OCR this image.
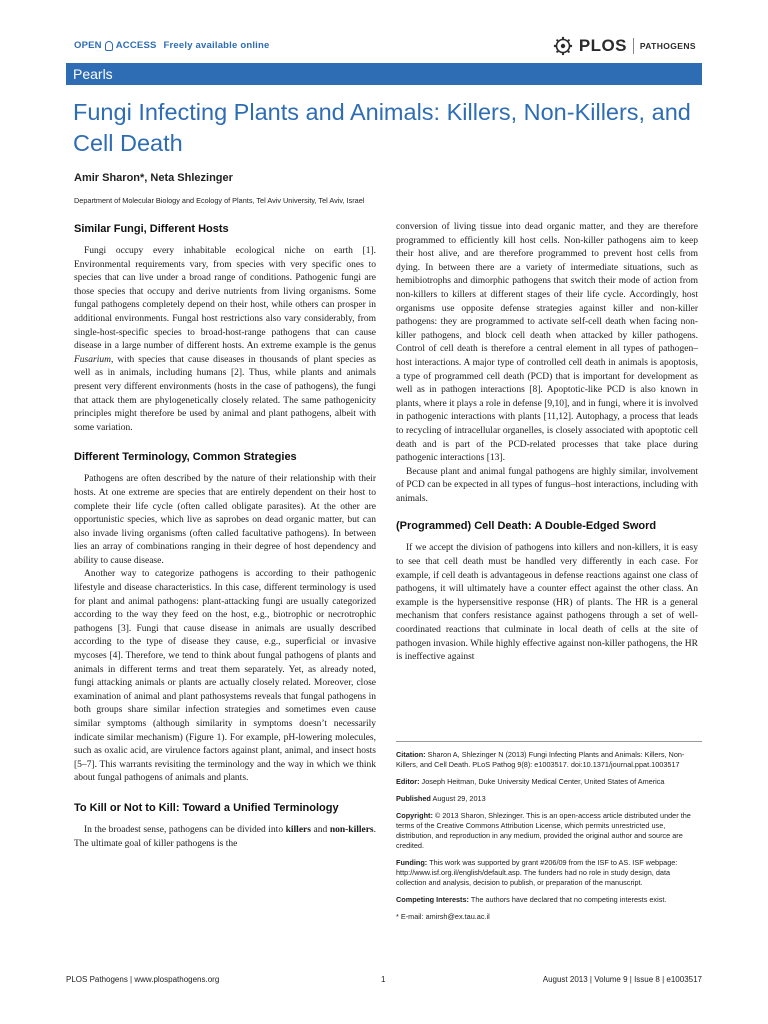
OPEN ACCESS Freely available online	PLOS PATHOGENS
Pearls
Fungi Infecting Plants and Animals: Killers, Non-Killers, and Cell Death
Amir Sharon*, Neta Shlezinger
Department of Molecular Biology and Ecology of Plants, Tel Aviv University, Tel Aviv, Israel
Similar Fungi, Different Hosts

Fungi occupy every inhabitable ecological niche on earth [1]. Environmental requirements vary, from species with very specific ones to species that can live under a broad range of conditions. Pathogenic fungi are those species that occupy and derive nutrients from living organisms. Some fungal pathogens completely depend on their host, while others can prosper in additional environments. Fungal host restrictions also vary considerably, from single-host-specific species to broad-host-range pathogens that can cause disease in a large number of different hosts. An extreme example is the genus Fusarium, with species that cause diseases in thousands of plant species as well as in animals, including humans [2]. Thus, while plants and animals present very different environments (hosts in the case of pathogens), the fungi that attack them are phylogenetically closely related. The same pathogenicity principles might therefore be used by animal and plant pathogens, albeit with some variation.

Different Terminology, Common Strategies

Pathogens are often described by the nature of their relationship with their hosts. At one extreme are species that are entirely dependent on their host to complete their life cycle (often called obligate parasites). At the other are opportunistic species, which live as saprobes on dead organic matter, but can also invade living organisms (often called facultative pathogens). In between lies an array of combinations ranging in their degree of host dependency and ability to cause disease.

Another way to categorize pathogens is according to their pathogenic lifestyle and disease characteristics. In this case, different terminology is used for plant and animal pathogens: plant-attacking fungi are usually categorized according to the way they feed on the host, e.g., biotrophic or necrotrophic pathogens [3]. Fungi that cause disease in animals are usually described according to the type of disease they cause, e.g., superficial or invasive mycoses [4]. Therefore, we tend to think about fungal pathogens of plants and animals in different terms and treat them separately. Yet, as already noted, fungi attacking animals or plants are actually closely related. Moreover, close examination of animal and plant pathosystems reveals that fungal pathogens in both groups share similar infection strategies and sometimes even cause similar symptoms (although similarity in symptoms doesn’t necessarily indicate similar mechanism) (Figure 1). For example, pH-lowering molecules, such as oxalic acid, are virulence factors against plant, animal, and insect hosts [5–7]. This warrants revisiting the terminology and the way in which we think about fungal pathogens of animals and plants.

To Kill or Not to Kill: Toward a Unified Terminology

In the broadest sense, pathogens can be divided into killers and non-killers. The ultimate goal of killer pathogens is the

conversion of living tissue into dead organic matter, and they are therefore programmed to efficiently kill host cells. Non-killer pathogens aim to keep their host alive, and are therefore programmed to prevent host cells from dying. In between there are a variety of intermediate situations, such as hemibiotrophs and dimorphic pathogens that switch their mode of action from non-killers to killers at different stages of their life cycle. Accordingly, host organisms use opposite defense strategies against killer and non-killer pathogens: they are programmed to activate self-cell death when facing non-killer pathogens, and block cell death when attacked by killer pathogens. Control of cell death is therefore a central element in all types of pathogen–host interactions. A major type of controlled cell death in animals is apoptosis, a type of programmed cell death (PCD) that is important for development as well as in pathogen interactions [8]. Apoptotic-like PCD is also known in plants, where it plays a role in defense [9,10], and in fungi, where it is involved in pathogenic interactions with plants [11,12]. Autophagy, a process that leads to recycling of intracellular organelles, is closely associated with apoptotic cell death and is part of the PCD-related processes that take place during pathogenic interactions [13].

Because plant and animal fungal pathogens are highly similar, involvement of PCD can be expected in all types of fungus–host interactions, including with animals.

(Programmed) Cell Death: A Double-Edged Sword

If we accept the division of pathogens into killers and non-killers, it is easy to see that cell death must be handled very differently in each case. For example, if cell death is advantageous in defense reactions against one class of pathogens, it will ultimately have a counter effect against the other class. An example is the hypersensitive response (HR) of plants. The HR is a general mechanism that confers resistance against pathogens through a set of well-coordinated reactions that culminate in local death of cells at the site of pathogen invasion. While highly effective against non-killer pathogens, the HR is ineffective against

Citation: Sharon A, Shlezinger N (2013) Fungi Infecting Plants and Animals: Killers, Non-Killers, and Cell Death. PLoS Pathog 9(8): e1003517. doi:10.1371/journal.ppat.1003517

Editor: Joseph Heitman, Duke University Medical Center, United States of America

Published August 29, 2013

Copyright: © 2013 Sharon, Shlezinger. This is an open-access article distributed under the terms of the Creative Commons Attribution License, which permits unrestricted use, distribution, and reproduction in any medium, provided the original author and source are credited.

Funding: This work was supported by grant #206/09 from the ISF to AS. ISF webpage: http://www.isf.org.il/english/default.asp. The funders had no role in study design, data collection and analysis, decision to publish, or preparation of the manuscript.

Competing Interests: The authors have declared that no competing interests exist.

* E-mail: amirsh@ex.tau.ac.il

PLOS Pathogens | www.plospathogens.org	1	August 2013 | Volume 9 | Issue 8 | e1003517
